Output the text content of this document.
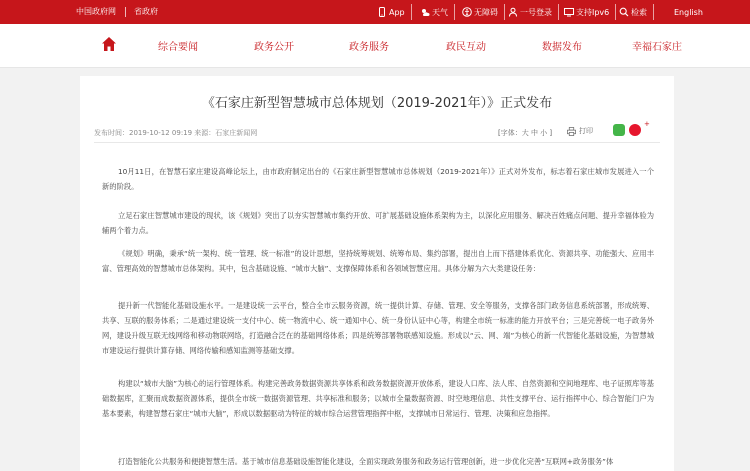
中国政府网 省政府	App	天气	无障碍	一号登录	支持Ipv6	检索	English
综合要闻	政务公开	政务服务	政民互动	数据发布	幸福石家庄
《石家庄新型智慧城市总体规划（2019-2021年）》正式发布
发布时间：2019-10-12 09:19 来源：石家庄新闻网	[字体：大 中 小 ]	打印
+

10月11日，在智慧石家庄建设高峰论坛上，由市政府制定出台的《石家庄新型智慧城市总体规划（2019-2021年）》正式对外发布，标志着石家庄城市发展进入一个新的阶段。

立足石家庄智慧城市建设的现状，该《规划》突出了以夯实智慧城市集约开放、可扩展基础设施体系架构为主，以深化应用服务、解决百姓痛点问题、提升幸福体验为辅两个着力点。

《规划》明确，秉承“统一架构、统一管理、统一标准”的设计思想，坚持统筹规划、统筹布局、集约部署，提出自上而下搭建体系优化、资源共享、功能强大、应用丰富、管理高效的智慧城市总体架构。其中，包含基础设施、“城市大脑”、支撑保障体系和各领域智慧应用。具体分解为六大类建设任务：

提升新一代智能化基础设施水平。一是建设统一云平台，整合全市云服务资源，统一提供计算、存储、管理、安全等服务，支撑各部门政务信息系统部署，形成统筹、共享、互联的服务体系；二是通过建设统一支付中心、统一物流中心、统一通知中心、统一身份认证中心等，构建全市统一标准的能力开放平台；三是完善统一电子政务外网，建设升级互联无线网络和移动物联网络，打造融合泛在的基础网络体系；四是统筹部署物联感知设施。形成以“云、网、端”为核心的新一代智能化基础设施，为智慧城市建设运行提供计算存储、网络传输和感知监测等基础支撑。

构建以“城市大脑”为核心的运行管理体系。构建完善政务数据资源共享体系和政务数据资源开放体系，建设人口库、法人库、自然资源和空间地理库、电子证照库等基础数据库，汇聚而成数据资源体系，提供全市统一数据资源管理、共享标准和服务；以城市全量数据资源、时空地理信息、共性支撑平台、运行指挥中心、综合智能门户为基本要素，构建智慧石家庄“城市大脑”，形成以数据驱动为特征的城市综合运营管理指挥中枢，支撑城市日常运行、管理、决策和应急指挥。

打造智能化公共服务和便捷智慧生活。基于城市信息基础设施智能化建设，全面实现政务服务和政务运行管理创新，进一步优化完善“互联网+政务服务”体
